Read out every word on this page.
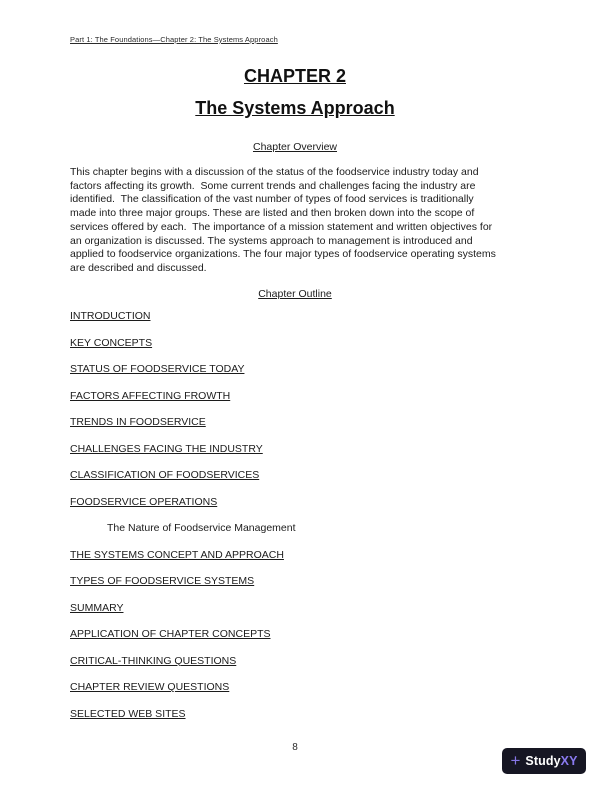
Part 1: The Foundations—Chapter 2: The Systems Approach
CHAPTER 2
The Systems Approach
Chapter Overview
This chapter begins with a discussion of the status of the foodservice industry today and
factors affecting its growth.  Some current trends and challenges facing the industry are
identified.  The classification of the vast number of types of food services is traditionally
made into three major groups. These are listed and then broken down into the scope of
services offered by each.  The importance of a mission statement and written objectives for
an organization is discussed. The systems approach to management is introduced and
applied to foodservice organizations. The four major types of foodservice operating systems
are described and discussed.
Chapter Outline
INTRODUCTION
KEY CONCEPTS
STATUS OF FOODSERVICE TODAY
FACTORS AFFECTING FROWTH
TRENDS IN FOODSERVICE
CHALLENGES FACING THE INDUSTRY
CLASSIFICATION OF FOODSERVICES
FOODSERVICE OPERATIONS
The Nature of Foodservice Management
THE SYSTEMS CONCEPT AND APPROACH
TYPES OF FOODSERVICE SYSTEMS
SUMMARY
APPLICATION OF CHAPTER CONCEPTS
CRITICAL-THINKING QUESTIONS
CHAPTER REVIEW QUESTIONS
SELECTED WEB SITES
8
+ StudyXY
